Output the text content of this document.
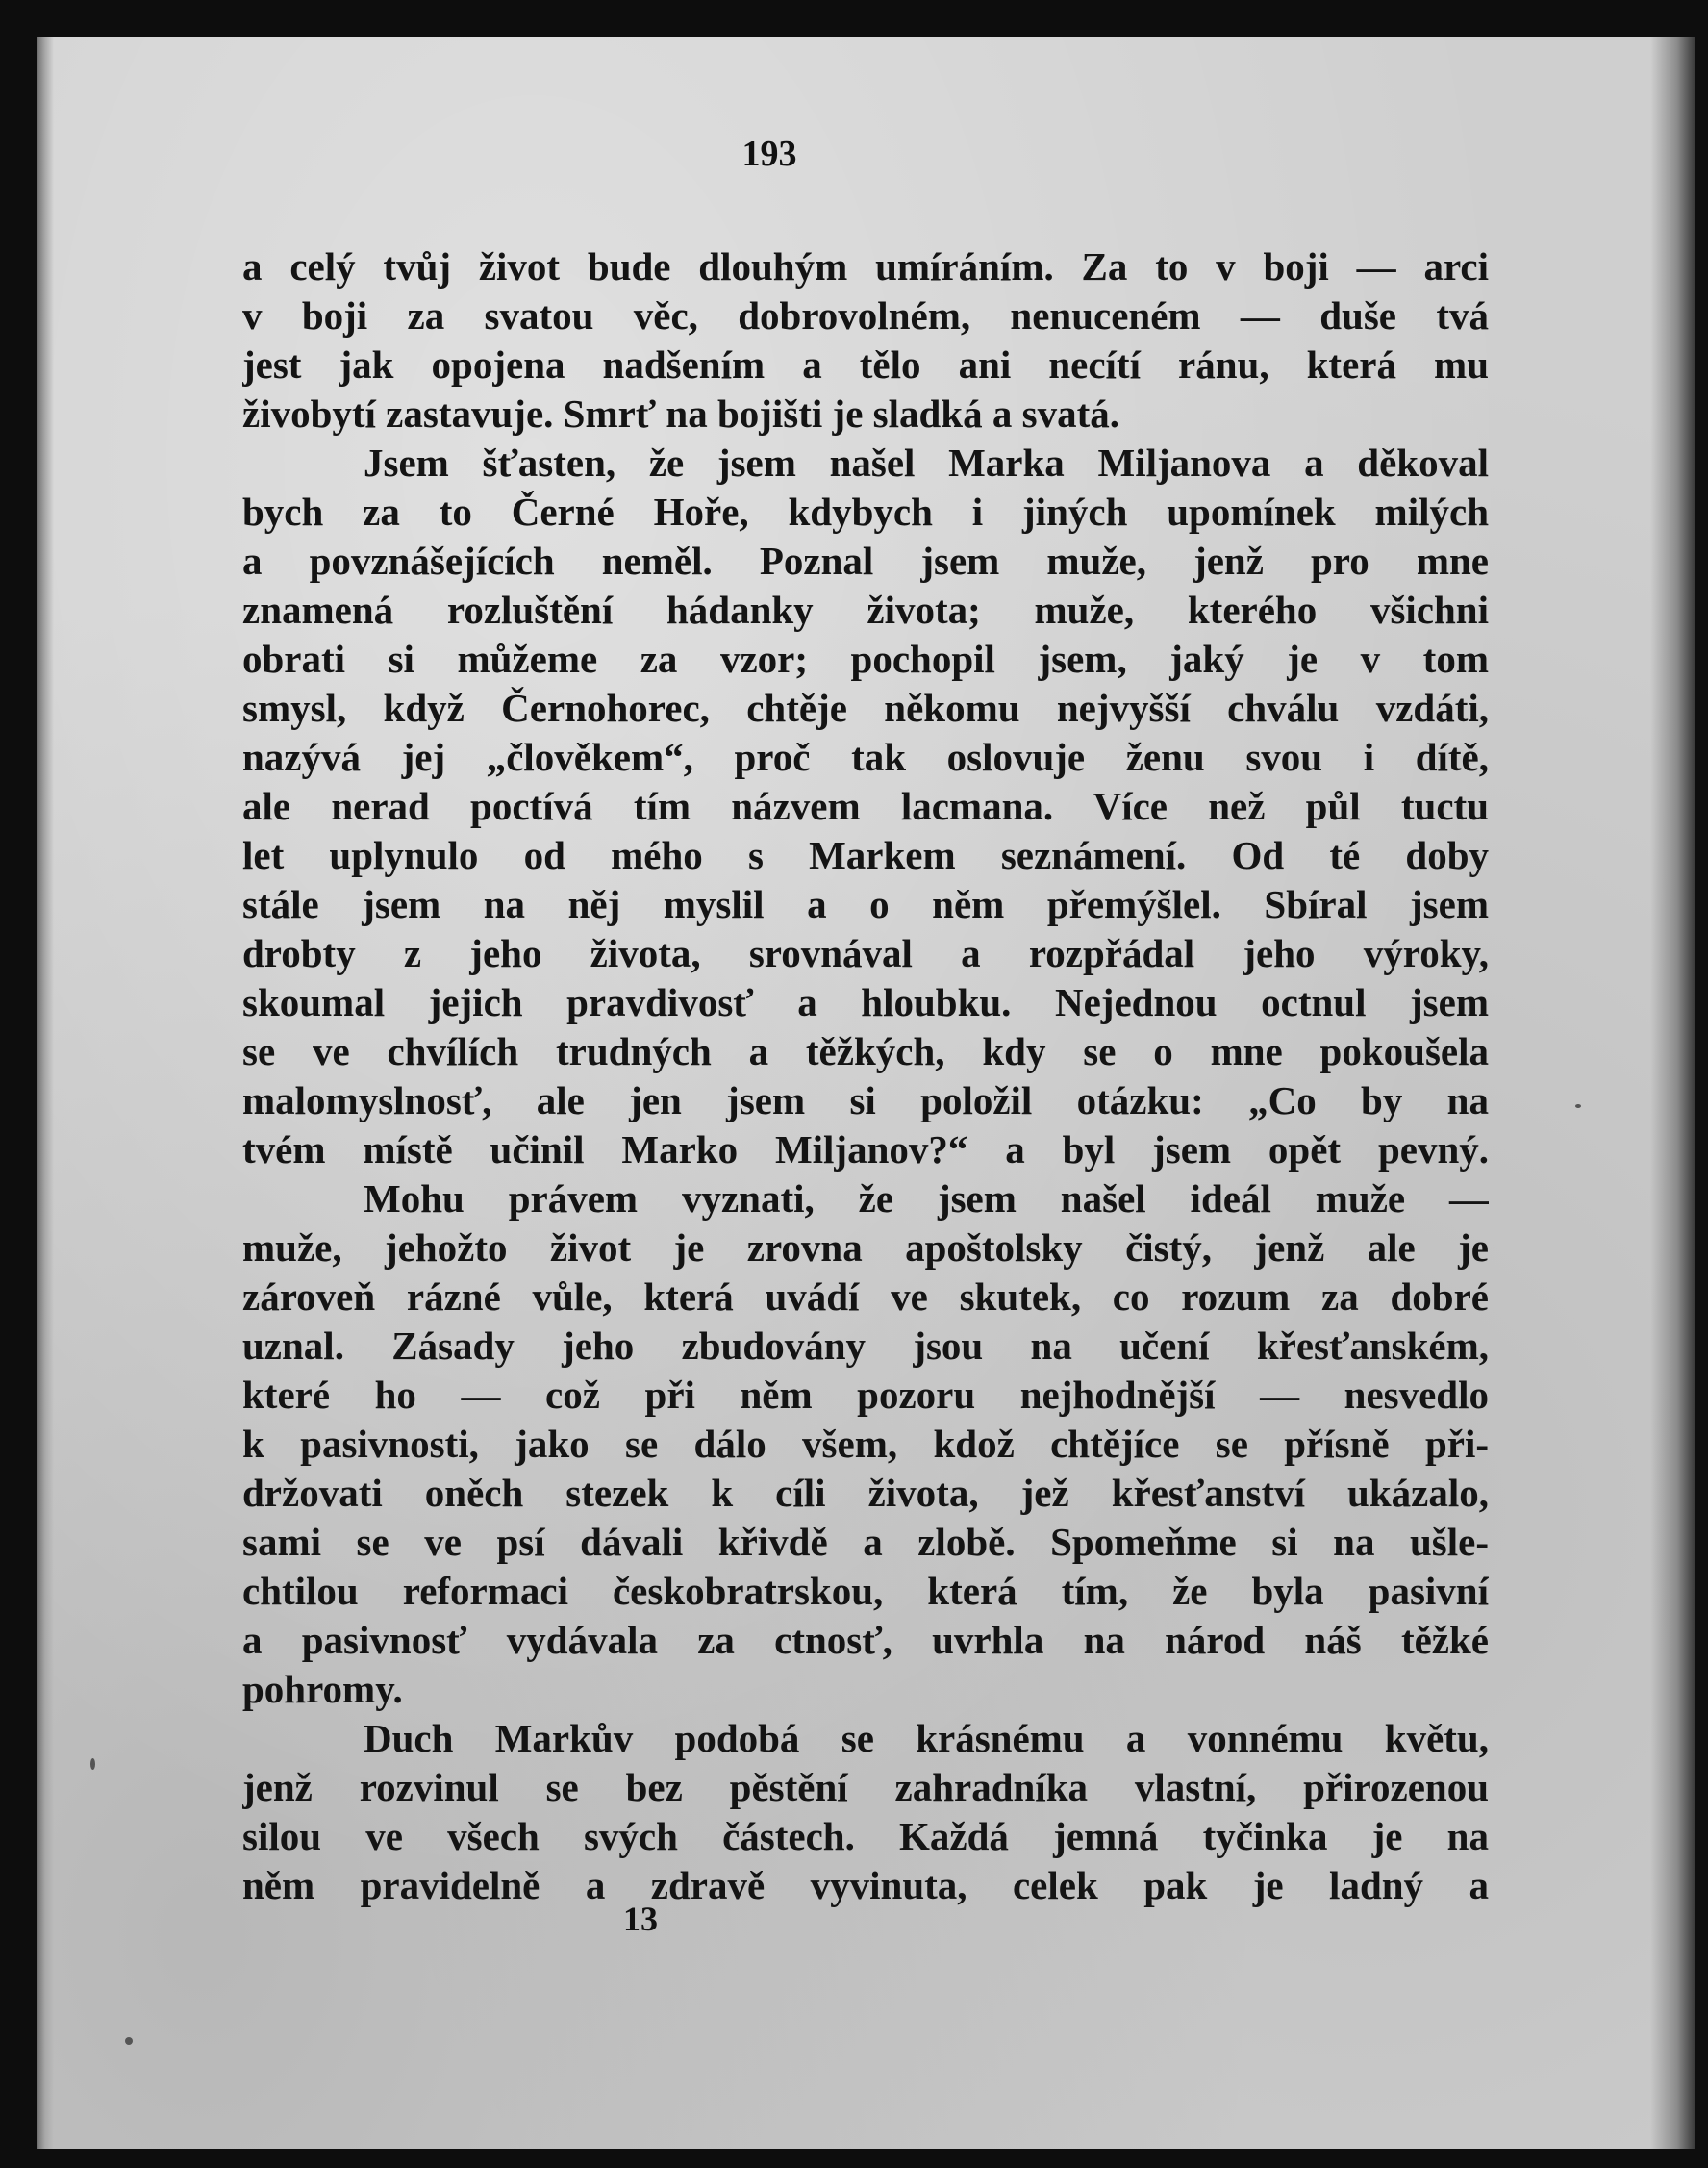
193
a celý tvůj život bude dlouhým umíráním. Za to v boji — arci
v boji za svatou věc, dobrovolném, nenuceném — duše tvá
jest jak opojena nadšením a tělo ani necítí ránu, která mu
živobytí zastavuje. Smrť na bojišti je sladká a svatá.
Jsem šťasten, že jsem našel Marka Miljanova a děkoval
bych za to Černé Hoře, kdybych i jiných upomínek milých
a povznášejících neměl. Poznal jsem muže, jenž pro mne
znamená rozluštění hádanky života; muže, kterého všichni
obrati si můžeme za vzor; pochopil jsem, jaký je v tom
smysl, když Černohorec, chtěje někomu nejvyšší chválu vzdáti,
nazývá jej „člověkem“, proč tak oslovuje ženu svou i dítě,
ale nerad poctívá tím názvem lacmana. Více než půl tuctu
let uplynulo od mého s Markem seznámení. Od té doby
stále jsem na něj myslil a o něm přemýšlel. Sbíral jsem
drobty z jeho života, srovnával a rozpřádal jeho výroky,
skoumal jejich pravdivosť a hloubku. Nejednou octnul jsem
se ve chvílích trudných a těžkých, kdy se o mne pokoušela
malomyslnosť, ale jen jsem si položil otázku: „Co by na
tvém místě učinil Marko Miljanov?“ a byl jsem opět pevný.
Mohu právem vyznati, že jsem našel ideál muže —
muže, jehožto život je zrovna apoštolsky čistý, jenž ale je
zároveň rázné vůle, která uvádí ve skutek, co rozum za dobré
uznal. Zásady jeho zbudovány jsou na učení křesťanském,
které ho — což při něm pozoru nejhodnější — nesvedlo
k pasivnosti, jako se dálo všem, kdož chtějíce se přísně při-
držovati oněch stezek k cíli života, jež křesťanství ukázalo,
sami se ve psí dávali křivdě a zlobě. Spomeňme si na ušle-
chtilou reformaci českobratrskou, která tím, že byla pasivní
a pasivnosť vydávala za ctnosť, uvrhla na národ náš těžké
pohromy.
Duch Markův podobá se krásnému a vonnému květu,
jenž rozvinul se bez pěstění zahradníka vlastní, přirozenou
silou ve všech svých částech. Každá jemná tyčinka je na
něm pravidelně a zdravě vyvinuta, celek pak je ladný a
13
